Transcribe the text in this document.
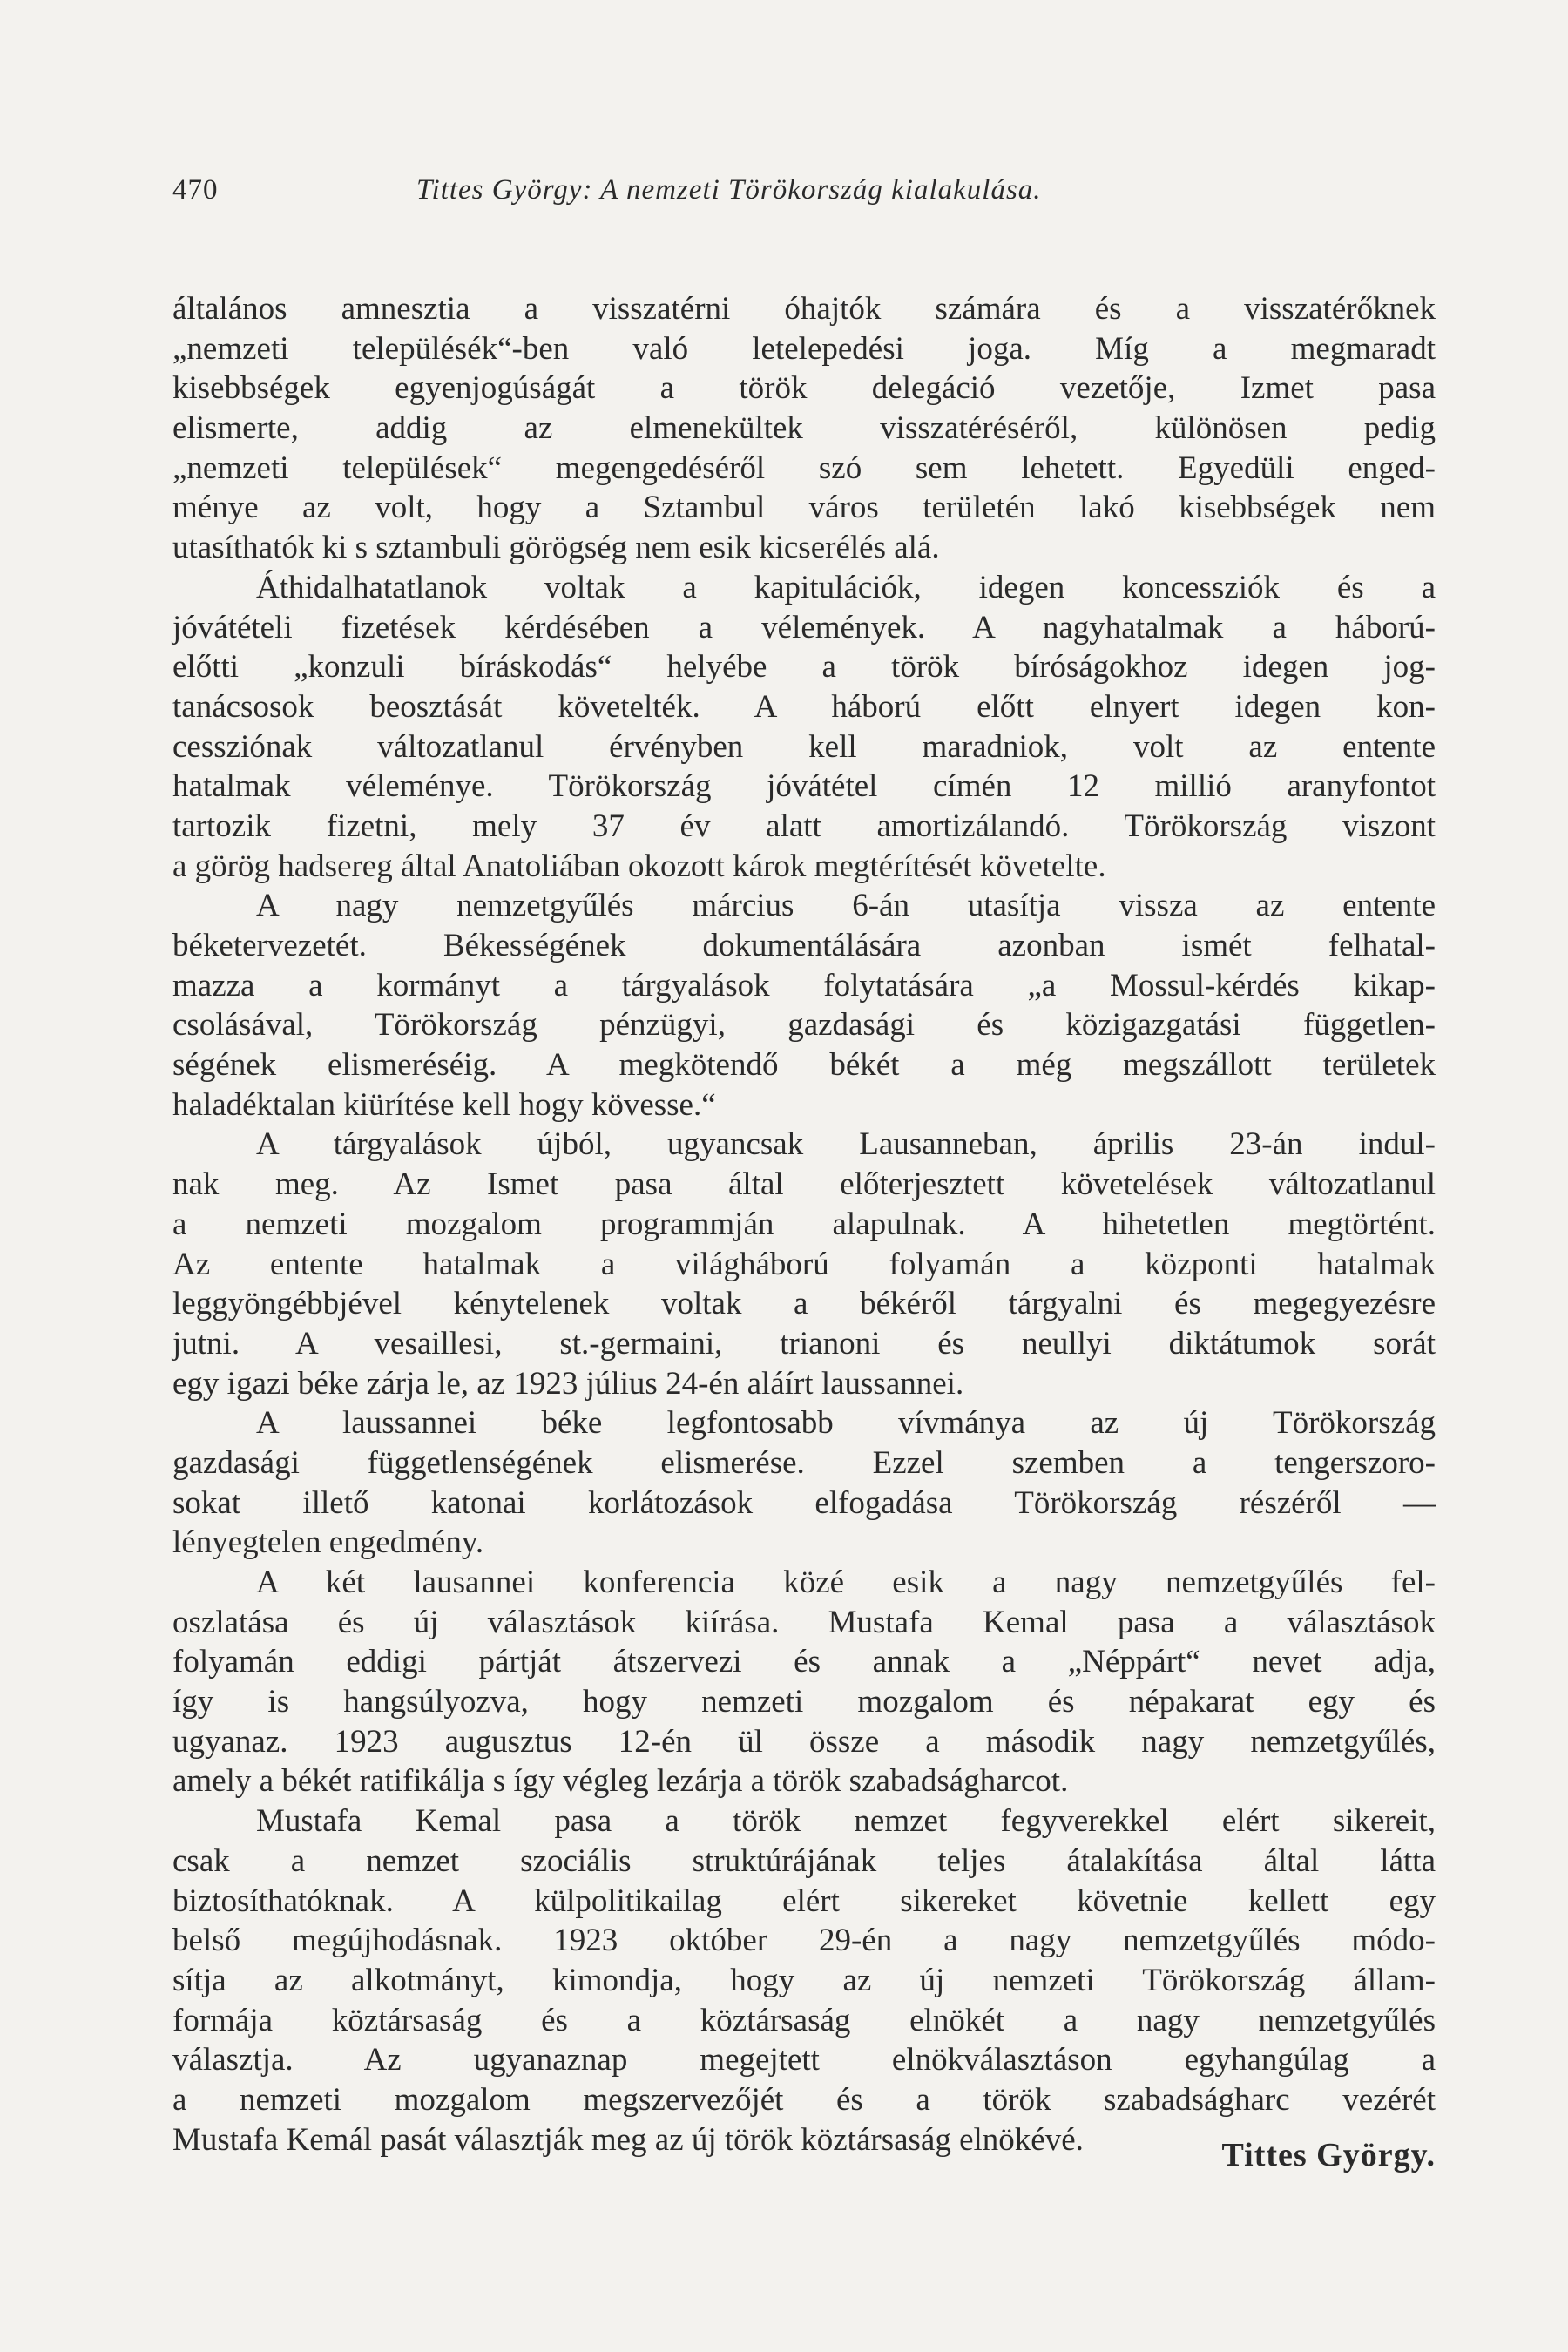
470	Tittes György: A nemzeti Törökország kialakulása.
általános amnesztia a visszatérni óhajtók számára és a visszatérőknek
„nemzeti településék“-ben való letelepedési joga. Míg a megmaradt
kisebbségek egyenjogúságát a török delegáció vezetője, Izmet pasa
elismerte, addig az elmenekültek visszatéréséről, különösen pedig
„nemzeti települések“ megengedéséről szó sem lehetett. Egyedüli enged-
ménye az volt, hogy a Sztambul város területén lakó kisebbségek nem
utasíthatók ki s sztambuli görögség nem esik kicserélés alá.
Áthidalhatatlanok voltak a kapitulációk, idegen koncessziók és a
jóvátételi fizetések kérdésében a vélemények. A nagyhatalmak a háború-
előtti „konzuli bíráskodás“ helyébe a török bíróságokhoz idegen jog-
tanácsosok beosztását követelték. A háború előtt elnyert idegen kon-
cessziónak változatlanul érvényben kell maradniok, volt az entente
hatalmak véleménye. Törökország jóvátétel címén 12 millió aranyfontot
tartozik fizetni, mely 37 év alatt amortizálandó. Törökország viszont
a görög hadsereg által Anatoliában okozott károk megtérítését követelte.
A nagy nemzetgyűlés március 6-án utasítja vissza az entente
béketervezetét. Békességének dokumentálására azonban ismét felhatal-
mazza a kormányt a tárgyalások folytatására „a Mossul-kérdés kikap-
csolásával, Törökország pénzügyi, gazdasági és közigazgatási független-
ségének elismeréséig. A megkötendő békét a még megszállott területek
haladéktalan kiürítése kell hogy kövesse.“
A tárgyalások újból, ugyancsak Lausanneban, április 23-án indul-
nak meg. Az Ismet pasa által előterjesztett követelések változatlanul
a nemzeti mozgalom programmján alapulnak. A hihetetlen megtörtént.
Az entente hatalmak a világháború folyamán a központi hatalmak
leggyöngébbjével kénytelenek voltak a békéről tárgyalni és megegyezésre
jutni. A vesaillesi, st.-germaini, trianoni és neullyi diktátumok sorát
egy igazi béke zárja le, az 1923 július 24-én aláírt laussannei.
A laussannei béke legfontosabb vívmánya az új Törökország
gazdasági függetlenségének elismerése. Ezzel szemben a tengerszoro-
sokat illető katonai korlátozások elfogadása Törökország részéről —
lényegtelen engedmény.
A két lausannei konferencia közé esik a nagy nemzetgyűlés fel-
oszlatása és új választások kiírása. Mustafa Kemal pasa a választások
folyamán eddigi pártját átszervezi és annak a „Néppárt“ nevet adja,
így is hangsúlyozva, hogy nemzeti mozgalom és népakarat egy és
ugyanaz. 1923 augusztus 12-én ül össze a második nagy nemzetgyűlés,
amely a békét ratifikálja s így végleg lezárja a török szabadságharcot.
Mustafa Kemal pasa a török nemzet fegyverekkel elért sikereit,
csak a nemzet szociális struktúrájának teljes átalakítása által látta
biztosíthatóknak. A külpolitikailag elért sikereket követnie kellett egy
belső megújhodásnak. 1923 október 29-én a nagy nemzetgyűlés módo-
sítja az alkotmányt, kimondja, hogy az új nemzeti Törökország állam-
formája köztársaság és a köztársaság elnökét a nagy nemzetgyűlés
választja. Az ugyanaznap megejtett elnökválasztáson egyhangúlag a
a nemzeti mozgalom megszervezőjét és a török szabadságharc vezérét
Mustafa Kemál pasát választják meg az új török köztársaság elnökévé.	Tittes György.
